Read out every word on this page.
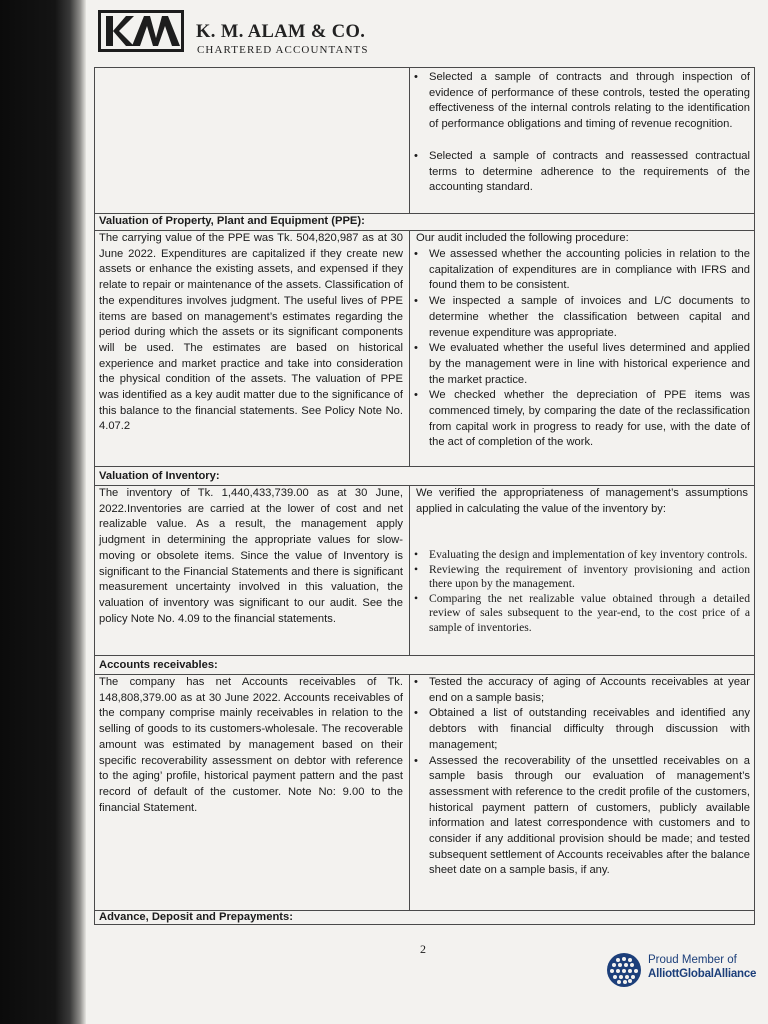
K. M. ALAM & CO.
CHARTERED ACCOUNTANTS
• Selected a sample of contracts and through inspection of evidence of performance of these controls, tested the operating effectiveness of the internal controls relating to the identification of performance obligations and timing of revenue recognition.
• Selected a sample of contracts and reassessed contractual terms to determine adherence to the requirements of the accounting standard.
Valuation of Property, Plant and Equipment (PPE):

The carrying value of the PPE was Tk. 504,820,987 as at 30 June 2022. Expenditures are capitalized if they create new assets or enhance the existing assets, and expensed if they relate to repair or maintenance of the assets. Classification of the expenditures involves judgment. The useful lives of PPE items are based on management’s estimates regarding the period during which the assets or its significant components will be used. The estimates are based on historical experience and market practice and take into consideration the physical condition of the assets. The valuation of PPE was identified as a key audit matter due to the significance of this balance to the financial statements. See Policy Note No. 4.07.2

Our audit included the following procedure:

• We assessed whether the accounting policies in relation to the capitalization of expenditures are in compliance with IFRS and found them to be consistent.
• We inspected a sample of invoices and L/C documents to determine whether the classification between capital and revenue expenditure was appropriate.
• We evaluated whether the useful lives determined and applied by the management were in line with historical experience and the market practice.
• We checked whether the depreciation of PPE items was commenced timely, by comparing the date of the reclassification from capital work in progress to ready for use, with the date of the act of completion of the work.
Valuation of Inventory:

The inventory of Tk. 1,440,433,739.00 as at 30 June, 2022.Inventories are carried at the lower of cost and net realizable value. As a result, the management apply judgment in determining the appropriate values for slow-moving or obsolete items. Since the value of Inventory is significant to the Financial Statements and there is significant measurement uncertainty involved in this valuation, the valuation of inventory was significant to our audit. See the policy Note No. 4.09 to the financial statements.

We verified the appropriateness of management’s assumptions applied in calculating the value of the inventory by:

• Evaluating the design and implementation of key inventory controls.
• Reviewing the requirement of inventory provisioning and action there upon by the management.
• Comparing the net realizable value obtained through a detailed review of sales subsequent to the year-end, to the cost price of a sample of inventories.
Accounts receivables:

The company has net Accounts receivables of Tk. 148,808,379.00 as at 30 June 2022. Accounts receivables of the company comprise mainly receivables in relation to the selling of goods to its customers-wholesale. The recoverable amount was estimated by management based on their specific recoverability assessment on debtor with reference to the aging’ profile, historical payment pattern and the past record of default of the customer. Note No: 9.00 to the financial Statement.

• Tested the accuracy of aging of Accounts receivables at year end on a sample basis;
• Obtained a list of outstanding receivables and identified any debtors with financial difficulty through discussion with management;
• Assessed the recoverability of the unsettled receivables on a sample basis through our evaluation of management’s assessment with reference to the credit profile of the customers, historical payment pattern of customers, publicly available information and latest correspondence with customers and to consider if any additional provision should be made; and tested subsequent settlement of Accounts receivables after the balance sheet date on a sample basis, if any.
Advance, Deposit and Prepayments:
2
Proud Member of
AlliottGlobalAlliance
